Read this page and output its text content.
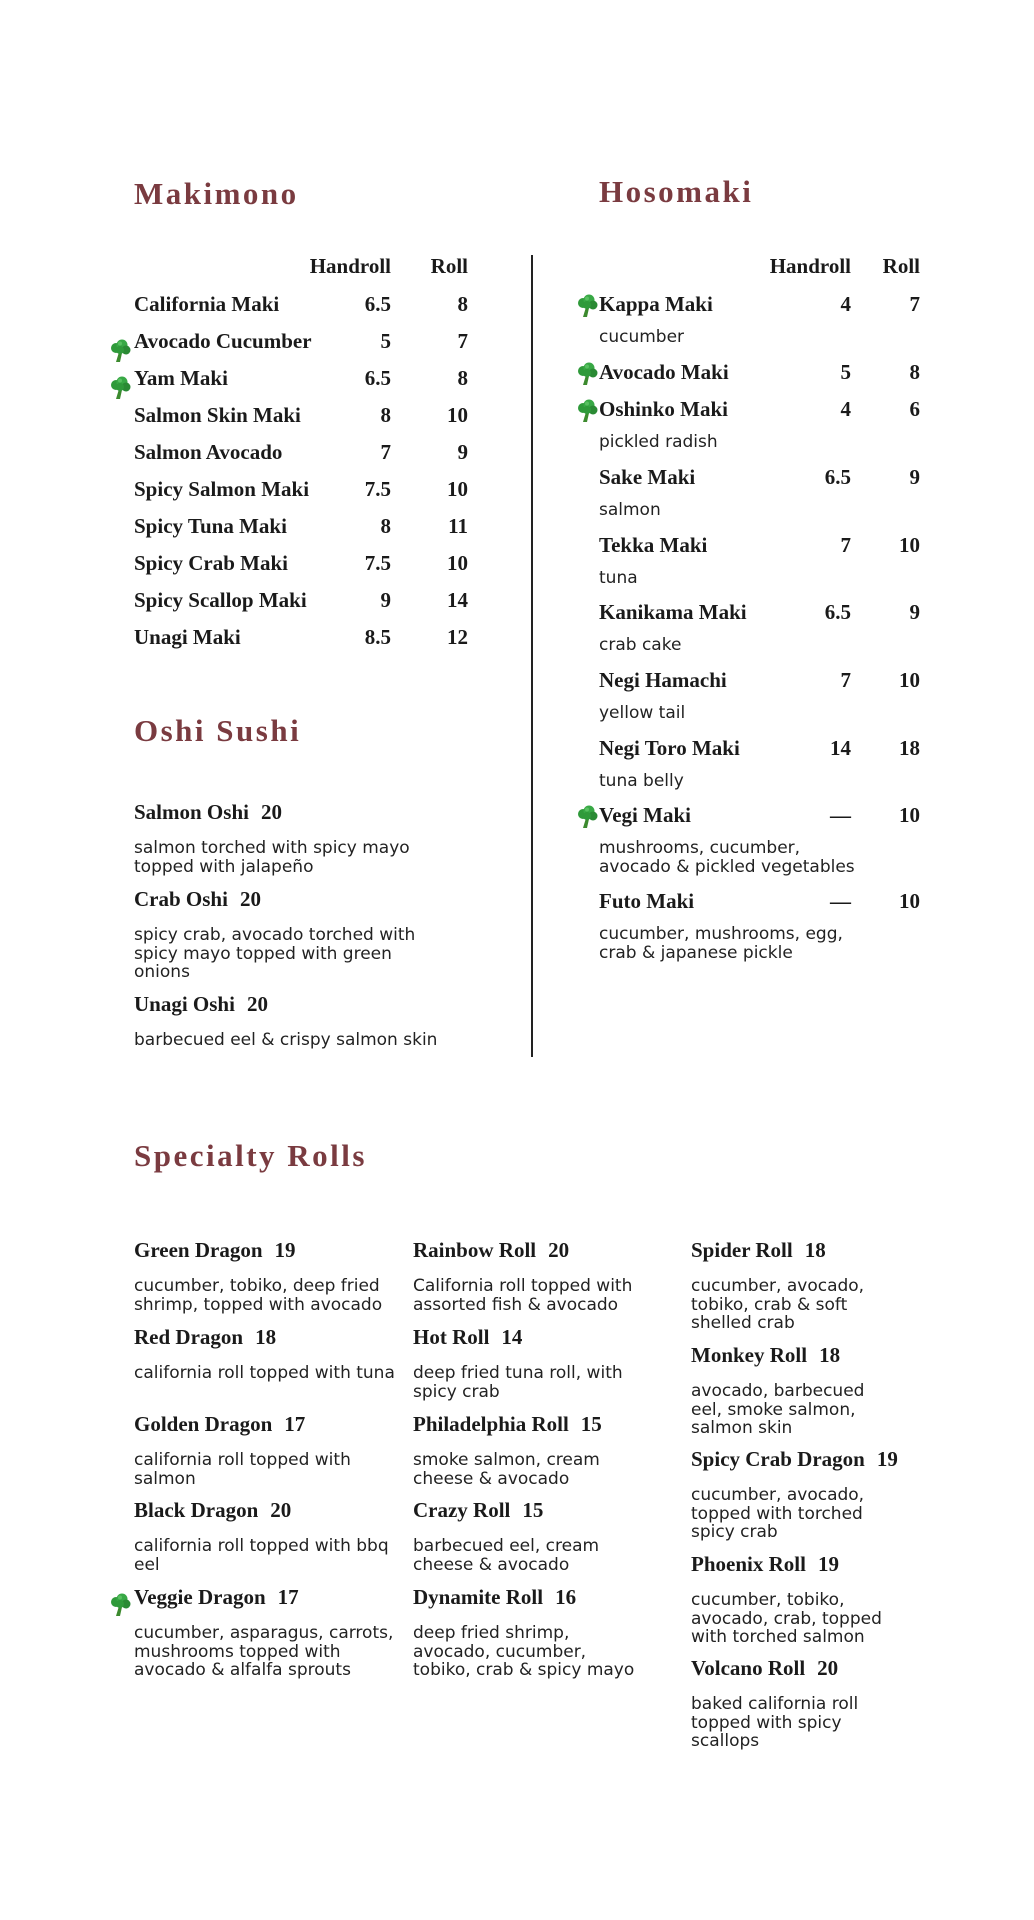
Makimono
Handroll Roll
California Maki	6.5	8
Avocado Cucumber	5	7
Yam Maki	6.5	8
Salmon Skin Maki	8	10
Salmon Avocado	7	9
Spicy Salmon Maki	7.5	10
Spicy Tuna Maki	8	11
Spicy Crab Maki	7.5	10
Spicy Scallop Maki	9	14
Unagi Maki	8.5	12
Hosomaki
Handroll Roll
Kappa Maki	4	7
cucumber
Avocado Maki	5	8
Oshinko Maki	4	6
pickled radish
Sake Maki	6.5	9
salmon
Tekka Maki	7 10
tuna
Kanikama Maki	6.5	9
crab cake
Negi Hamachi	7 10
yellow tail
Negi Toro Maki	14 18
tuna belly
Vegi Maki	— 10
mushrooms, cucumber,
avocado & pickled vegetables
Futo Maki	— 10
cucumber, mushrooms, egg,
crab & japanese pickle
Oshi Sushi

Salmon Oshi 20

salmon torched with spicy mayo topped with jalapeño

Crab Oshi 20

spicy crab, avocado torched with spicy mayo topped with green onions

Unagi Oshi 20

barbecued eel & crispy salmon skin

Specialty Rolls

Green Dragon 19

cucumber, tobiko, deep fried shrimp, topped with avocado

Red Dragon 18

california roll topped with tuna

Golden Dragon 17

california roll topped with salmon

Black Dragon 20

california roll topped with bbq eel

Veggie Dragon 17

cucumber, asparagus, carrots, mushrooms topped with avocado & alfalfa sprouts

Rainbow Roll 20

California roll topped with assorted fish & avocado

Hot Roll 14

deep fried tuna roll, with spicy crab

Philadelphia Roll 15

smoke salmon, cream cheese & avocado

Crazy Roll 15

barbecued eel, cream cheese & avocado

Dynamite Roll 16

deep fried shrimp, avocado, cucumber, tobiko, crab & spicy mayo

Spider Roll 18

cucumber, avocado, tobiko, crab & soft shelled crab

Monkey Roll 18

avocado, barbecued eel, smoke salmon, salmon skin

Spicy Crab Dragon 19

cucumber, avocado, topped with torched spicy crab

Phoenix Roll 19

cucumber, tobiko, avocado, crab, topped with torched salmon

Volcano Roll 20

baked california roll topped with spicy scallops
